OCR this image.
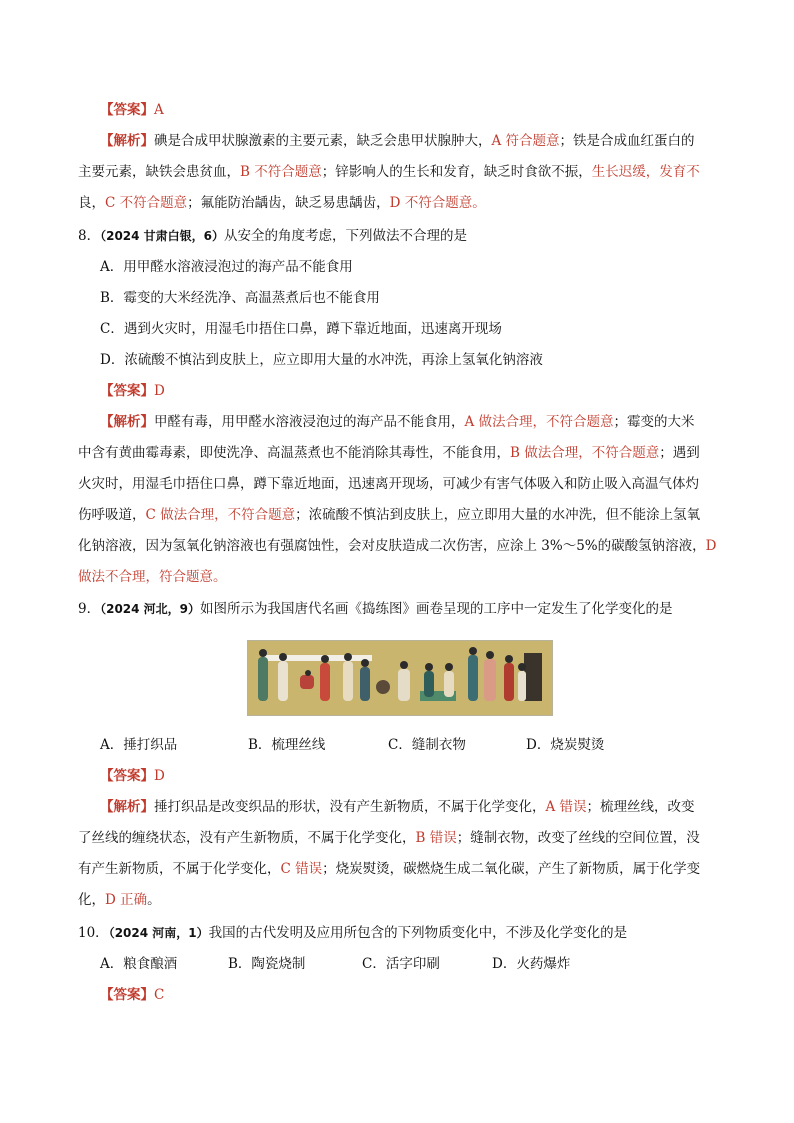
【答案】A
【解析】碘是合成甲状腺激素的主要元素，缺乏会患甲状腺肿大，A 符合题意；铁是合成血红蛋白的
主要元素，缺铁会患贫血，B 不符合题意；锌影响人的生长和发育，缺乏时食欲不振，生长迟缓，发育不
良，C 不符合题意；氟能防治龋齿，缺乏易患龋齿，D 不符合题意。
8．（2024 甘肃白银，6）从安全的角度考虑，下列做法不合理的是
A．用甲醛水溶液浸泡过的海产品不能食用
B．霉变的大米经洗净、高温蒸煮后也不能食用
C．遇到火灾时，用湿毛巾捂住口鼻，蹲下靠近地面，迅速离开现场
D．浓硫酸不慎沾到皮肤上，应立即用大量的水冲洗，再涂上氢氧化钠溶液
【答案】D
【解析】甲醛有毒，用甲醛水溶液浸泡过的海产品不能食用，A 做法合理，不符合题意；霉变的大米
中含有黄曲霉毒素，即使洗净、高温蒸煮也不能消除其毒性，不能食用，B 做法合理，不符合题意；遇到
火灾时，用湿毛巾捂住口鼻，蹲下靠近地面，迅速离开现场，可减少有害气体吸入和防止吸入高温气体灼
伤呼吸道，C 做法合理，不符合题意；浓硫酸不慎沾到皮肤上，应立即用大量的水冲洗，但不能涂上氢氧
化钠溶液，因为氢氧化钠溶液也有强腐蚀性，会对皮肤造成二次伤害，应涂上 3%～5%的碳酸氢钠溶液，D
做法不合理，符合题意。
9．（2024 河北，9）如图所示为我国唐代名画《捣练图》画卷呈现的工序中一定发生了化学变化的是
A．捶打织品	B．梳理丝线	C．缝制衣物	D．烧炭熨烫
【答案】D
【解析】捶打织品是改变织品的形状，没有产生新物质，不属于化学变化，A 错误；梳理丝线，改变
了丝线的缠绕状态，没有产生新物质，不属于化学变化，B 错误；缝制衣物，改变了丝线的空间位置，没
有产生新物质，不属于化学变化，C 错误；烧炭熨烫，碳燃烧生成二氧化碳，产生了新物质，属于化学变
化，D 正确。
10．（2024 河南，1）我国的古代发明及应用所包含的下列物质变化中，不涉及化学变化的是
A．粮食酿酒	B．陶瓷烧制	C．活字印刷	D．火药爆炸
【答案】C
